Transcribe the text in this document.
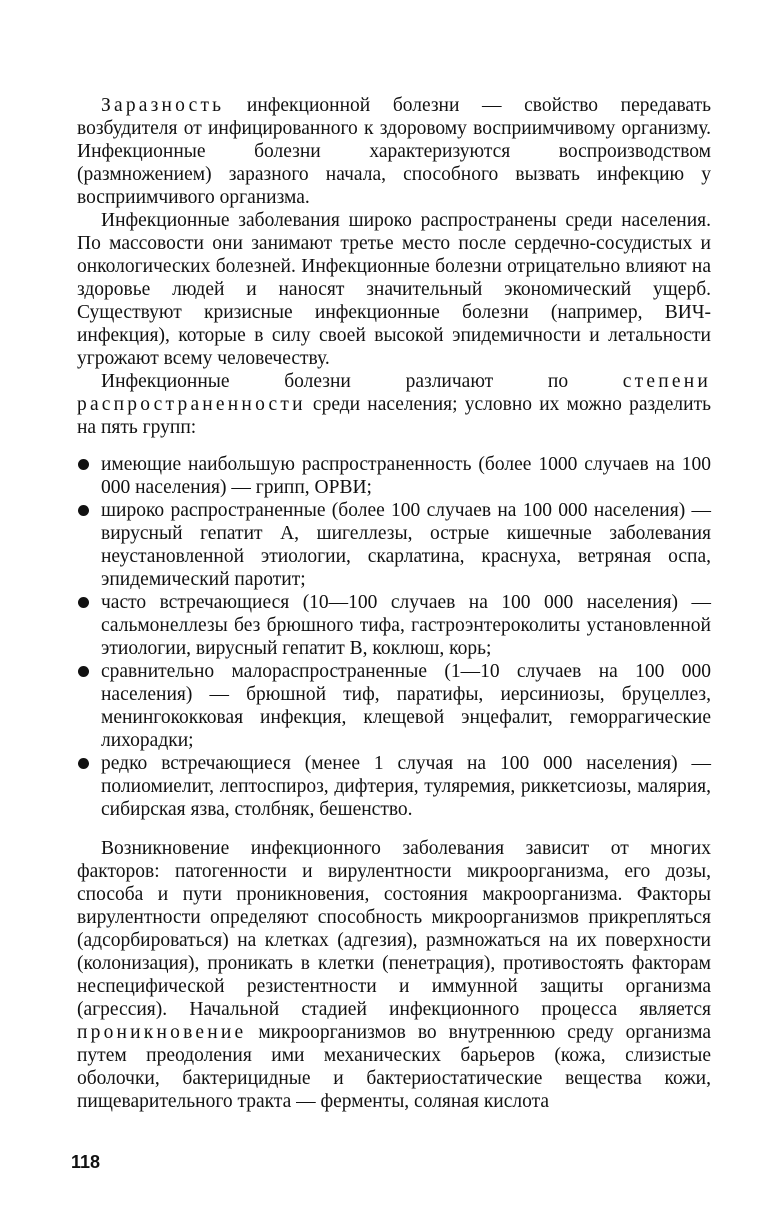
Заразность инфекционной болезни — свойство передавать возбудителя от инфицированного к здоровому восприимчивому организму. Инфекционные болезни характеризуются воспроизводством (размножением) заразного начала, способного вызвать инфекцию у восприимчивого организма.

Инфекционные заболевания широко распространены среди населения. По массовости они занимают третье место после сердечно-сосудистых и онкологических болезней. Инфекционные болезни отрицательно влияют на здоровье людей и наносят значительный экономический ущерб. Существуют кризисные инфекционные болезни (например, ВИЧ-инфекция), которые в силу своей высокой эпидемичности и летальности угрожают всему человечеству.

Инфекционные болезни различают по степени распространенности среди населения; условно их можно разделить на пять групп:

имеющие наибольшую распространенность (более 1000 случаев на 100 000 населения) — грипп, ОРВИ;
широко распространенные (более 100 случаев на 100 000 населения) — вирусный гепатит А, шигеллезы, острые кишечные заболевания неустановленной этиологии, скарлатина, краснуха, ветряная оспа, эпидемический паротит;
часто встречающиеся (10—100 случаев на 100 000 населения) — сальмонеллезы без брюшного тифа, гастроэнтероколиты установленной этиологии, вирусный гепатит В, коклюш, корь;
сравнительно малораспространенные (1—10 случаев на 100 000 населения) — брюшной тиф, паратифы, иерсиниозы, бруцеллез, менингококковая инфекция, клещевой энцефалит, геморрагические лихорадки;
редко встречающиеся (менее 1 случая на 100 000 населения) — полиомиелит, лептоспироз, дифтерия, туляремия, риккетсиозы, малярия, сибирская язва, столбняк, бешенство.

Возникновение инфекционного заболевания зависит от многих факторов: патогенности и вирулентности микроорганизма, его дозы, способа и пути проникновения, состояния макроорганизма. Факторы вирулентности определяют способность микроорганизмов прикрепляться (адсорбироваться) на клетках (адгезия), размножаться на их поверхности (колонизация), проникать в клетки (пенетрация), противостоять факторам неспецифической резистентности и иммунной защиты организма (агрессия). Начальной стадией инфекционного процесса является проникновение микроорганизмов во внутреннюю среду организма путем преодоления ими механических барьеров (кожа, слизистые оболочки, бактерицидные и бактериостатические вещества кожи, пищеварительного тракта — ферменты, соляная кислота

118
